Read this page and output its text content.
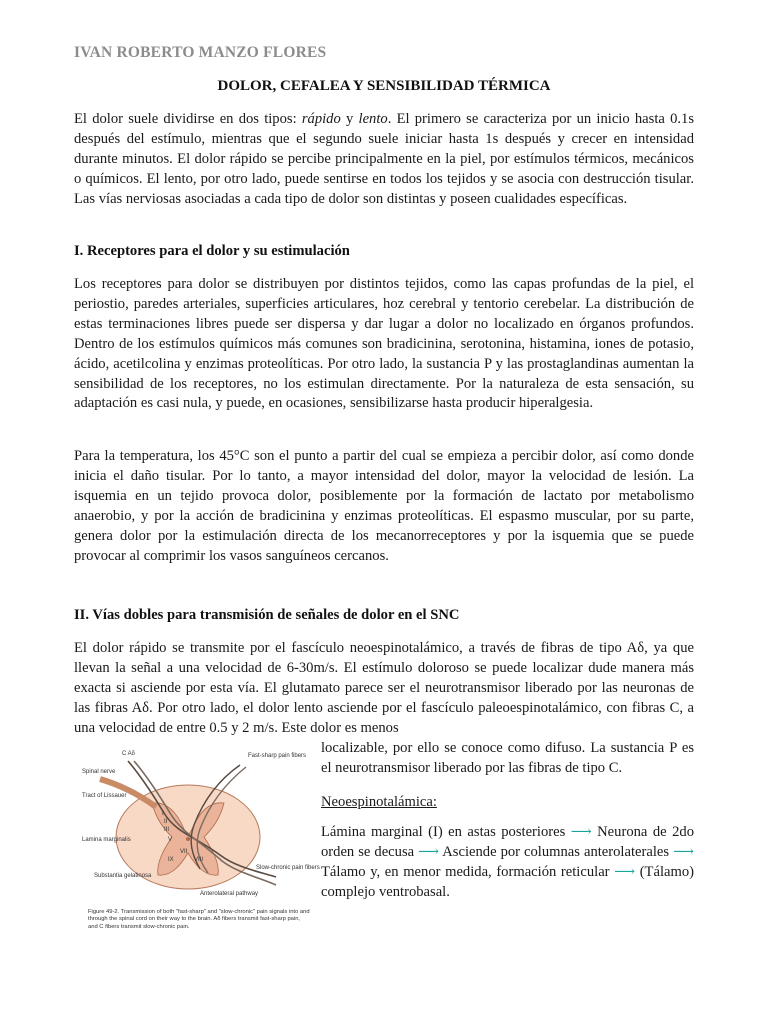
IVAN ROBERTO MANZO FLORES
DOLOR, CEFALEA Y SENSIBILIDAD TÉRMICA

El dolor suele dividirse en dos tipos: rápido y lento. El primero se caracteriza por un inicio hasta 0.1s después del estímulo, mientras que el segundo suele iniciar hasta 1s después y crecer en intensidad durante minutos. El dolor rápido se percibe principalmente en la piel, por estímulos térmicos, mecánicos o químicos. El lento, por otro lado, puede sentirse en todos los tejidos y se asocia con destrucción tisular. Las vías nerviosas asociadas a cada tipo de dolor son distintas y poseen cualidades específicas.

I. Receptores para el dolor y su estimulación

Los receptores para dolor se distribuyen por distintos tejidos, como las capas profundas de la piel, el periostio, paredes arteriales, superficies articulares, hoz cerebral y tentorio cerebelar. La distribución de estas terminaciones libres puede ser dispersa y dar lugar a dolor no localizado en órganos profundos. Dentro de los estímulos químicos más comunes son bradicinina, serotonina, histamina, iones de potasio, ácido, acetilcolina y enzimas proteolíticas. Por otro lado, la sustancia P y las prostaglandinas aumentan la sensibilidad de los receptores, no los estimulan directamente. Por la naturaleza de esta sensación, su adaptación es casi nula, y puede, en ocasiones, sensibilizarse hasta producir hiperalgesia.

Para la temperatura, los 45°C son el punto a partir del cual se empieza a percibir dolor, así como donde inicia el daño tisular. Por lo tanto, a mayor intensidad del dolor, mayor la velocidad de lesión. La isquemia en un tejido provoca dolor, posiblemente por la formación de lactato por metabolismo anaerobio, y por la acción de bradicinina y enzimas proteolíticas. El espasmo muscular, por su parte, genera dolor por la estimulación directa de los mecanorreceptores y por la isquemia que se puede provocar al comprimir los vasos sanguíneos cercanos.

II. Vías dobles para transmisión de señales de dolor en el SNC

El dolor rápido se transmite por el fascículo neoespinotalámico, a través de fibras de tipo Aδ, ya que llevan la señal a una velocidad de 6-30m/s. El estímulo doloroso se puede localizar dude manera más exacta si asciende por esta vía. El glutamato parece ser el neurotransmisor liberado por las neuronas de las fibras Aδ. Por otro lado, el dolor lento asciende por el fascículo paleoespinotalámico, con fibras C, a una velocidad de entre 0.5 y 2 m/s. Este dolor es menos

localizable, por ello se conoce como difuso. La sustancia P es el neurotransmisor liberado por las fibras de tipo C.

Neoespinotalámica:

Lámina marginal (I) en astas posteriores ⟶ Neurona de 2do orden se decusa ⟶ Asciende por columnas anterolaterales ⟶ Tálamo y, en menor medida, formación reticular ⟶ (Tálamo) complejo ventrobasal.

I
II
III
V
VII
IX	VIII
C Aδ
Spinal nerve
Tract of Lissauer
Lamina marginalis
Substantia gelatinosa
Fast-sharp pain fibers
Slow-chronic pain fibers
Anterolateral pathway
Figure 49-2. Transmission of both "fast-sharp" and "slow-chronic" pain signals into and through the spinal cord on their way to the brain. Aδ fibers transmit fast-sharp pain, and C fibers transmit slow-chronic pain.
